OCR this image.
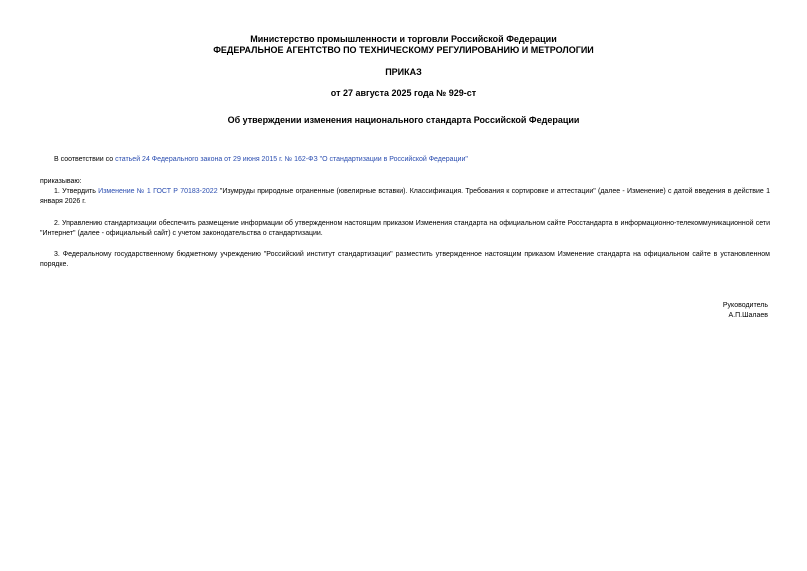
Министерство промышленности и торговли Российской Федерации
ФЕДЕРАЛЬНОЕ АГЕНТСТВО ПО ТЕХНИЧЕСКОМУ РЕГУЛИРОВАНИЮ И МЕТРОЛОГИИ
ПРИКАЗ
от 27 августа 2025 года № 929-ст
Об утверждении изменения национального стандарта Российской Федерации
В соответствии со статьей 24 Федерального закона от 29 июня 2015 г. № 162-ФЗ "О стандартизации в Российской Федерации"
приказываю:
1. Утвердить Изменение № 1 ГОСТ Р 70183-2022 "Изумруды природные ограненные (ювелирные вставки). Классификация. Требования к сортировке и аттестации" (далее - Изменение) с датой введения в действие 1 января 2026 г.
2. Управлению стандартизации обеспечить размещение информации об утвержденном настоящим приказом Изменения стандарта на официальном сайте Росстандарта в информационно-телекоммуникационной сети "Интернет" (далее - официальный сайт) с учетом законодательства о стандартизации.
3. Федеральному государственному бюджетному учреждению "Российский институт стандартизации" разместить утвержденное настоящим приказом Изменение стандарта на официальном сайте в установленном порядке.
Руководитель
А.П.Шалаев
